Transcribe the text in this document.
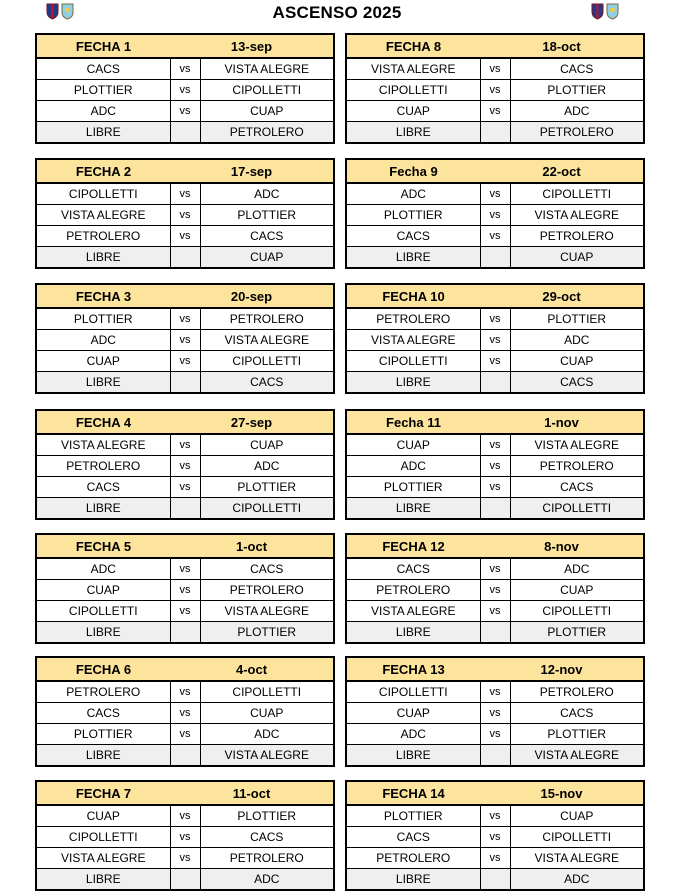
ASCENSO 2025
FECHA 1	13-sep	
CACS	vs	VISTA ALEGRE
PLOTTIER	vs	CIPOLLETTI
ADC	vs	CUAP
LIBRE		PETROLERO
FECHA 8	18-oct	
VISTA ALEGRE	vs	CACS
CIPOLLETTI	vs	PLOTTIER
CUAP	vs	ADC
LIBRE		PETROLERO
FECHA 2	17-sep	
CIPOLLETTI	vs	ADC
VISTA ALEGRE	vs	PLOTTIER
PETROLERO	vs	CACS
LIBRE		CUAP
Fecha 9	22-oct	
ADC	vs	CIPOLLETTI
PLOTTIER	vs	VISTA ALEGRE
CACS	vs	PETROLERO
LIBRE		CUAP
FECHA 3	20-sep	
PLOTTIER	vs	PETROLERO
ADC	vs	VISTA ALEGRE
CUAP	vs	CIPOLLETTI
LIBRE		CACS
FECHA 10	29-oct	
PETROLERO	vs	PLOTTIER
VISTA ALEGRE	vs	ADC
CIPOLLETTI	vs	CUAP
LIBRE		CACS
FECHA 4	27-sep	
VISTA ALEGRE	vs	CUAP
PETROLERO	vs	ADC
CACS	vs	PLOTTIER
LIBRE		CIPOLLETTI
Fecha 11	1-nov	
CUAP	vs	VISTA ALEGRE
ADC	vs	PETROLERO
PLOTTIER	vs	CACS
LIBRE		CIPOLLETTI
FECHA 5	1-oct	
ADC	vs	CACS
CUAP	vs	PETROLERO
CIPOLLETTI	vs	VISTA ALEGRE
LIBRE		PLOTTIER
FECHA 12	8-nov	
CACS	vs	ADC
PETROLERO	vs	CUAP
VISTA ALEGRE	vs	CIPOLLETTI
LIBRE		PLOTTIER
FECHA 6	4-oct	
PETROLERO	vs	CIPOLLETTI
CACS	vs	CUAP
PLOTTIER	vs	ADC
LIBRE		VISTA ALEGRE
FECHA 13	12-nov	
CIPOLLETTI	vs	PETROLERO
CUAP	vs	CACS
ADC	vs	PLOTTIER
LIBRE		VISTA ALEGRE
FECHA 7	11-oct	
CUAP	vs	PLOTTIER
CIPOLLETTI	vs	CACS
VISTA ALEGRE	vs	PETROLERO
LIBRE		ADC
FECHA 14	15-nov	
PLOTTIER	vs	CUAP
CACS	vs	CIPOLLETTI
PETROLERO	vs	VISTA ALEGRE
LIBRE		ADC
